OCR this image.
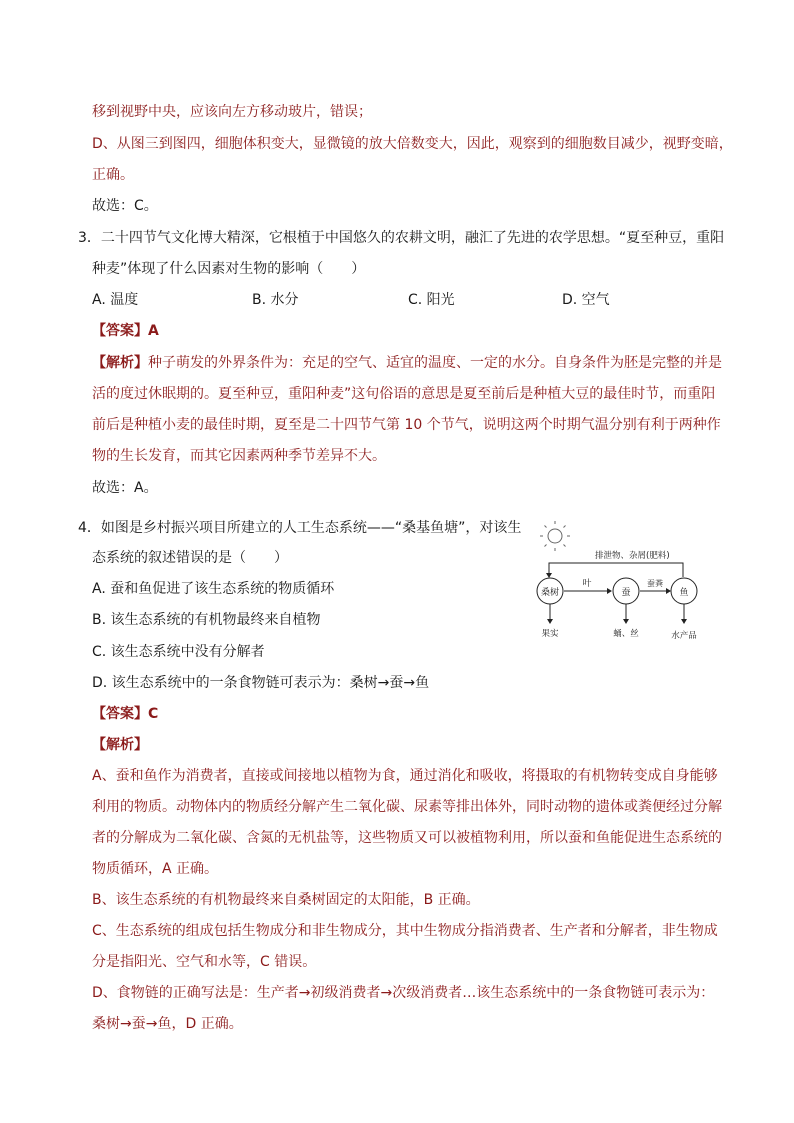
移到视野中央，应该向左方移动玻片，错误；
D、从图三到图四，细胞体积变大，显微镜的放大倍数变大，因此，观察到的细胞数目减少，视野变暗，
正确。
故选：C。
3．二十四节气文化博大精深，它根植于中国悠久的农耕文明，融汇了先进的农学思想。“夏至种豆，重阳
种麦”体现了什么因素对生物的影响（　　）
A. 温度	B. 水分	C. 阳光	D. 空气
【答案】A
【解析】种子萌发的外界条件为：充足的空气、适宜的温度、一定的水分。自身条件为胚是完整的并是
活的度过休眠期的。夏至种豆，重阳种麦”这句俗语的意思是夏至前后是种植大豆的最佳时节，而重阳
前后是种植小麦的最佳时期，夏至是二十四节气第 10 个节气，说明这两个时期气温分别有利于两种作
物的生长发育，而其它因素两种季节差异不大。
故选：A。
4．如图是乡村振兴项目所建立的人工生态系统——“桑基鱼塘”，对该生
态系统的叙述错误的是（　　）
A. 蚕和鱼促进了该生态系统的物质循环
B. 该生态系统的有机物最终来自植物
C. 该生态系统中没有分解者
D. 该生态系统中的一条食物链可表示为：桑树→蚕→鱼
排泄物、杂屑(肥料)
桑树	蚕	鱼
叶	蚕粪
果实	蛹、丝	水产品
【答案】C
【解析】
A、蚕和鱼作为消费者，直接或间接地以植物为食，通过消化和吸收，将摄取的有机物转变成自身能够
利用的物质。动物体内的物质经分解产生二氧化碳、尿素等排出体外，同时动物的遗体或粪便经过分解
者的分解成为二氧化碳、含氮的无机盐等，这些物质又可以被植物利用，所以蚕和鱼能促进生态系统的
物质循环，A 正确。
B、该生态系统的有机物最终来自桑树固定的太阳能，B 正确。
C、生态系统的组成包括生物成分和非生物成分，其中生物成分指消费者、生产者和分解者，非生物成
分是指阳光、空气和水等，C 错误。
D、食物链的正确写法是：生产者→初级消费者→次级消费者…该生态系统中的一条食物链可表示为：
桑树→蚕→鱼，D 正确。
